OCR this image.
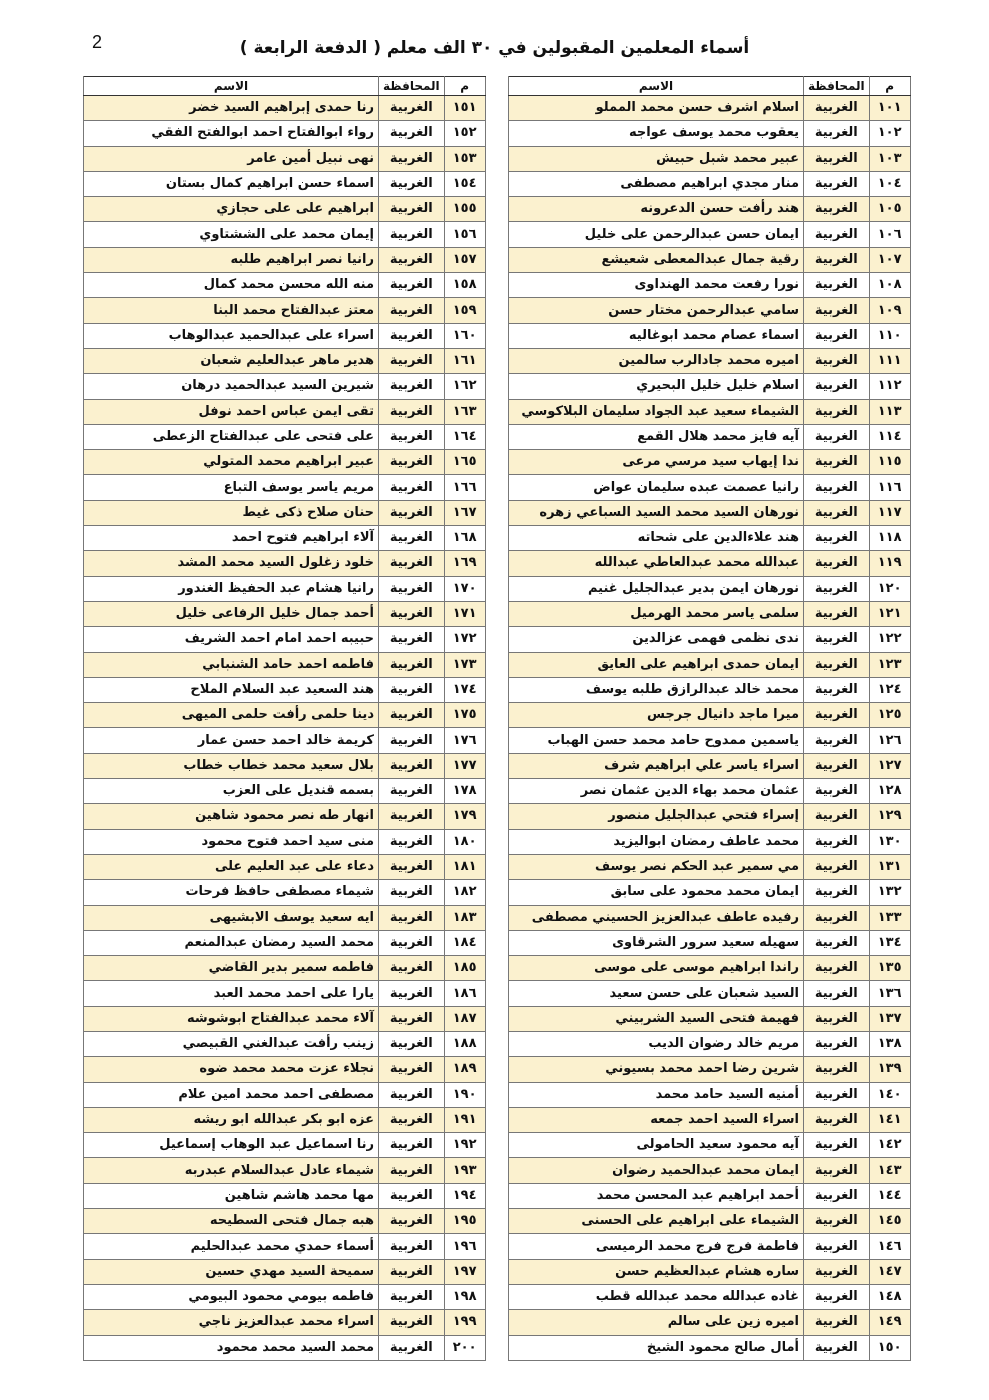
2	أسماء المعلمين المقبولين في ٣٠ الف معلم ( الدفعة الرابعة )
م	المحافظة	الاسم
١٠١	الغربية	اسلام اشرف حسن محمد المملو
١٠٢	الغربية	يعقوب محمد يوسف عواجه
١٠٣	الغربية	عبير محمد شبل حبيش
١٠٤	الغربية	منار مجدي ابراهيم مصطفى
١٠٥	الغربية	هند رأفت حسن الدعرونه
١٠٦	الغربية	ايمان حسن عبدالرحمن على خليل
١٠٧	الغربية	رقية جمال عبدالمعطى شعيشع
١٠٨	الغربية	نورا رفعت محمد الهنداوى
١٠٩	الغربية	سامي عبدالرحمن مختار حسن
١١٠	الغربية	اسماء عصام محمد ابوغاليه
١١١	الغربية	اميره محمد جادالرب سالمين
١١٢	الغربية	اسلام خليل خليل البحيري
١١٣	الغربية	الشيماء سعيد عبد الجواد سليمان البلاكوسي
١١٤	الغربية	آيه فايز محمد هلال القمع
١١٥	الغربية	ندا إيهاب سيد مرسي مرعى
١١٦	الغربية	رانيا عصمت عبده سليمان عواض
١١٧	الغربية	نورهان السيد محمد السيد السباعي زهره
١١٨	الغربية	هند علاءالدين على شحاته
١١٩	الغربية	عبدالله محمد عبدالعاطي عبدالله
١٢٠	الغربية	نورهان ايمن بدير عبدالجليل غنيم
١٢١	الغربية	سلمى ياسر محمد الهرميل
١٢٢	الغربية	ندى نظمى فهمى عزالدين
١٢٣	الغربية	ايمان حمدى ابراهيم على العايق
١٢٤	الغربية	محمد خالد عبدالرازق طلبه يوسف
١٢٥	الغربية	ميرا ماجد دانيال جرجس
١٢٦	الغربية	ياسمين ممدوح حامد محمد حسن الهباب
١٢٧	الغربية	اسراء ياسر علي ابراهيم شرف
١٢٨	الغربية	عثمان محمد بهاء الدين عثمان نصر
١٢٩	الغربية	إسراء فتحي عبدالجليل منصور
١٣٠	الغربية	محمد عاطف رمضان ابواليزيد
١٣١	الغربية	مي سمير عبد الحكم نصر يوسف
١٣٢	الغربية	ايمان محمد محمود على سابق
١٣٣	الغربية	رفيده عاطف عبدالعزيز الحسيني مصطفى
١٣٤	الغربية	سهيله سعيد سرور الشرقاوى
١٣٥	الغربية	راندا ابراهيم موسى على موسى
١٣٦	الغربية	السيد شعبان على حسن سعيد
١٣٧	الغربية	فهيمة فتحى السيد الشربيني
١٣٨	الغربية	مريم خالد رضوان الديب
١٣٩	الغربية	شرين رضا احمد محمد بسيوني
١٤٠	الغربية	أمنيه السيد حامد محمد
١٤١	الغربية	اسراء السيد احمد جمعه
١٤٢	الغربية	آيه محمود سعيد الحامولى
١٤٣	الغربية	ايمان محمد عبدالحميد رضوان
١٤٤	الغربية	أحمد ابراهيم عبد المحسن محمد
١٤٥	الغربية	الشيماء على ابراهيم على الحسنى
١٤٦	الغربية	فاطمة فرج فرج محمد الرميسى
١٤٧	الغربية	ساره هشام عبدالعظيم حسن
١٤٨	الغربية	غاده عبدالله محمد عبدالله قطب
١٤٩	الغربية	اميره زين على سالم
١٥٠	الغربية	أمال صالح محمود الشيخ
م	المحافظة	الاسم
١٥١	الغربية	رنا حمدى إبراهيم السيد خضر
١٥٢	الغربية	رواء ابوالفتاح احمد ابوالفتح الفقي
١٥٣	الغربية	نهى نبيل أمين عامر
١٥٤	الغربية	اسماء حسن ابراهيم كمال بستان
١٥٥	الغربية	ابراهيم على على حجازي
١٥٦	الغربية	إيمان محمد على الششتاوي
١٥٧	الغربية	رانيا نصر ابراهيم طلبه
١٥٨	الغربية	منه الله محسن محمد كمال
١٥٩	الغربية	معتز عبدالفتاح محمد البنا
١٦٠	الغربية	اسراء على عبدالحميد عبدالوهاب
١٦١	الغربية	هدير ماهر عبدالعليم شعبان
١٦٢	الغربية	شيرين السيد عبدالحميد درهان
١٦٣	الغربية	تقى ايمن عباس احمد نوفل
١٦٤	الغربية	على فتحى على عبدالفتاح الزعطى
١٦٥	الغربية	عبير ابراهيم محمد المتولي
١٦٦	الغربية	مريم ياسر يوسف التباع
١٦٧	الغربية	حنان صلاح ذكى غيط
١٦٨	الغربية	آلاء ابراهيم فتوح احمد
١٦٩	الغربية	خلود زغلول السيد محمد المشد
١٧٠	الغربية	رانيا هشام عبد الحفيظ الغندور
١٧١	الغربية	أحمد جمال خليل الرفاعى خليل
١٧٢	الغربية	حبيبه احمد امام احمد الشريف
١٧٣	الغربية	فاطمه احمد حامد الشنبابي
١٧٤	الغربية	هند السعيد عبد السلام الملاح
١٧٥	الغربية	دينا حلمى رأفت حلمى الميهى
١٧٦	الغربية	كريمة خالد احمد حسن عمار
١٧٧	الغربية	بلال سعيد محمد خطاب خطاب
١٧٨	الغربية	بسمه قنديل على العزب
١٧٩	الغربية	انهار طه نصر محمود شاهين
١٨٠	الغربية	منى سيد احمد فتوح محمود
١٨١	الغربية	دعاء على عبد العليم على
١٨٢	الغربية	شيماء مصطفى حافظ فرحات
١٨٣	الغربية	ايه سعيد يوسف الابشيهى
١٨٤	الغربية	محمد السيد رمضان عبدالمنعم
١٨٥	الغربية	فاطمه سمير بدير القاضي
١٨٦	الغربية	يارا على احمد محمد العبد
١٨٧	الغربية	آلاء محمد عبدالفتاح ابوشوشه
١٨٨	الغربية	زينب رأفت عبدالغني القبيصي
١٨٩	الغربية	نجلاء عزت محمد محمد ضوه
١٩٠	الغربية	مصطفى احمد محمد امين علام
١٩١	الغربية	عزه ابو بكر عبدالله ابو ريشه
١٩٢	الغربية	رنا اسماعيل عبد الوهاب إسماعيل
١٩٣	الغربية	شيماء عادل عبدالسلام عبدربه
١٩٤	الغربية	مها محمد هاشم شاهين
١٩٥	الغربية	هبه جمال فتحى السطيحه
١٩٦	الغربية	أسماء حمدي محمد عبدالحليم
١٩٧	الغربية	سميحة السيد مهدي حسين
١٩٨	الغربية	فاطمه بيومي محمود البيومي
١٩٩	الغربية	اسراء محمد عبدالعزيز ناجي
٢٠٠	الغربية	محمد السيد محمد محمود
